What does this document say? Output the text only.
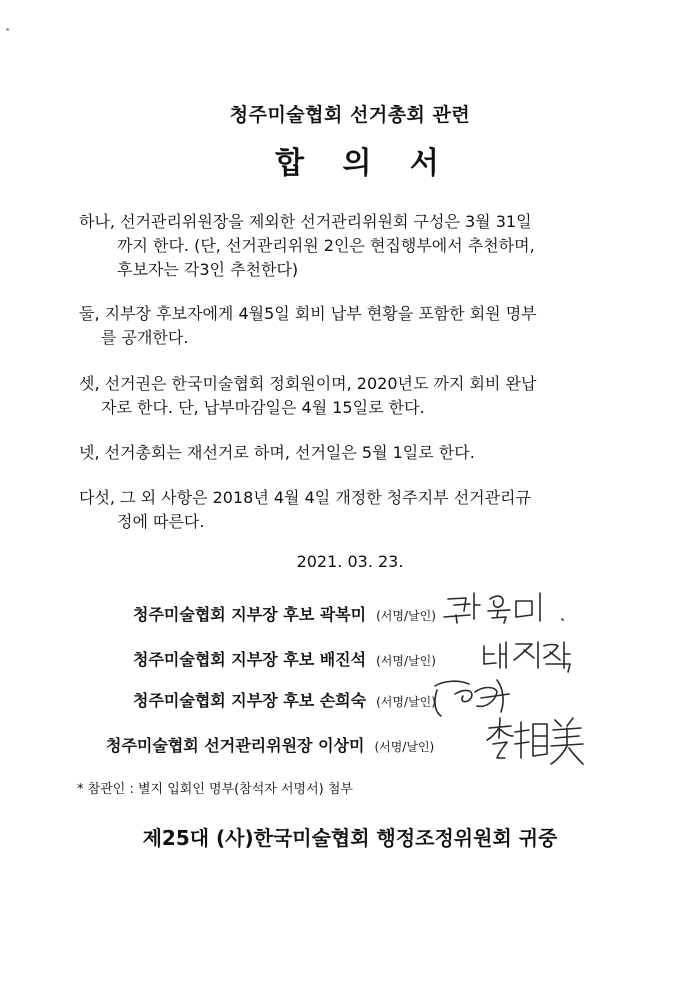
청주미술협회 선거총회 관련
합 의 서
하나, 선거관리위원장을 제외한 선거관리위원회 구성은 3월 31일
까지 한다. (단, 선거관리위원 2인은 현집행부에서 추천하며,
후보자는 각3인 추천한다)
둘, 지부장 후보자에게 4월5일 회비 납부 현황을 포함한 회원 명부
를 공개한다.
셋, 선거권은 한국미술협회 정회원이며, 2020년도 까지 회비 완납
자로 한다. 단, 납부마감일은 4월 15일로 한다.
넷, 선거총회는 재선거로 하며, 선거일은 5월 1일로 한다.
다섯, 그 외 사항은 2018년 4월 4일 개정한 청주지부 선거관리규
정에 따른다.
2021. 03. 23.
청주미술협회 지부장 후보 곽복미 (서명/날인)
청주미술협회 지부장 후보 배진석 (서명/날인)
청주미술협회 지부장 후보 손희숙 (서명/날인)
청주미술협회 선거관리위원장 이상미 (서명/날인)
* 참관인 : 별지 입회인 명부(참석자 서명서) 첨부
제25대 (사)한국미술협회 행정조정위원회 귀중
